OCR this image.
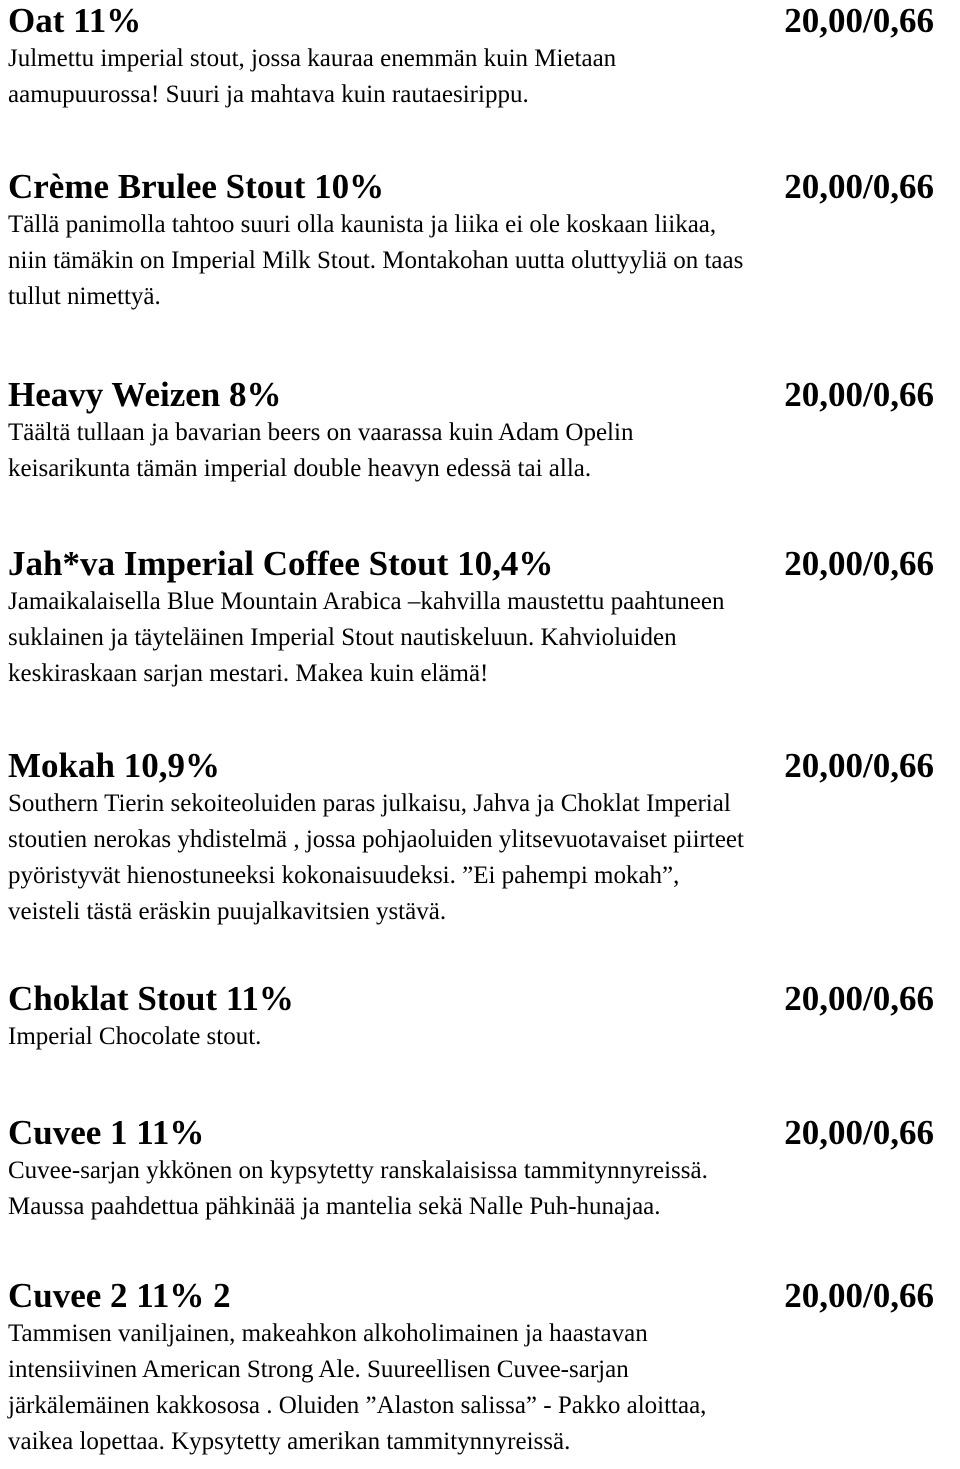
Oat 11%	20,00/0,66

Julmettu imperial stout, jossa kauraa enemmän kuin Mietaan

aamupuurossa! Suuri ja mahtava kuin rautaesirippu.

Crème Brulee Stout 10%	20,00/0,66

Tällä panimolla tahtoo suuri olla kaunista ja liika ei ole koskaan liikaa,

niin tämäkin on Imperial Milk Stout. Montakohan uutta oluttyyliä on taas

tullut nimettyä.

Heavy Weizen 8%	20,00/0,66

Täältä tullaan ja bavarian beers on vaarassa kuin Adam Opelin

keisarikunta tämän imperial double heavyn edessä tai alla.

Jah*va Imperial Coffee Stout 10,4%	20,00/0,66

Jamaikalaisella Blue Mountain Arabica –kahvilla maustettu paahtuneen

suklainen ja täyteläinen Imperial Stout nautiskeluun. Kahvioluiden

keskiraskaan sarjan mestari. Makea kuin elämä!

Mokah 10,9%	20,00/0,66

Southern Tierin sekoiteoluiden paras julkaisu, Jahva ja Choklat Imperial

stoutien nerokas yhdistelmä , jossa pohjaoluiden ylitsevuotavaiset piirteet

pyöristyvät hienostuneeksi kokonaisuudeksi. ”Ei pahempi mokah”,

veisteli tästä eräskin puujalkavitsien ystävä.

Choklat Stout 11%	20,00/0,66

Imperial Chocolate stout.

Cuvee 1 11%	20,00/0,66

Cuvee-sarjan ykkönen on kypsytetty ranskalaisissa tammitynnyreissä.

Maussa paahdettua pähkinää ja mantelia sekä Nalle Puh-hunajaa.

Cuvee 2 11% 2	20,00/0,66

Tammisen vaniljainen, makeahkon alkoholimainen ja haastavan

intensiivinen American Strong Ale. Suureellisen Cuvee-sarjan

järkälemäinen kakkososa . Oluiden ”Alaston salissa” - Pakko aloittaa,

vaikea lopettaa. Kypsytetty amerikan tammitynnyreissä.
